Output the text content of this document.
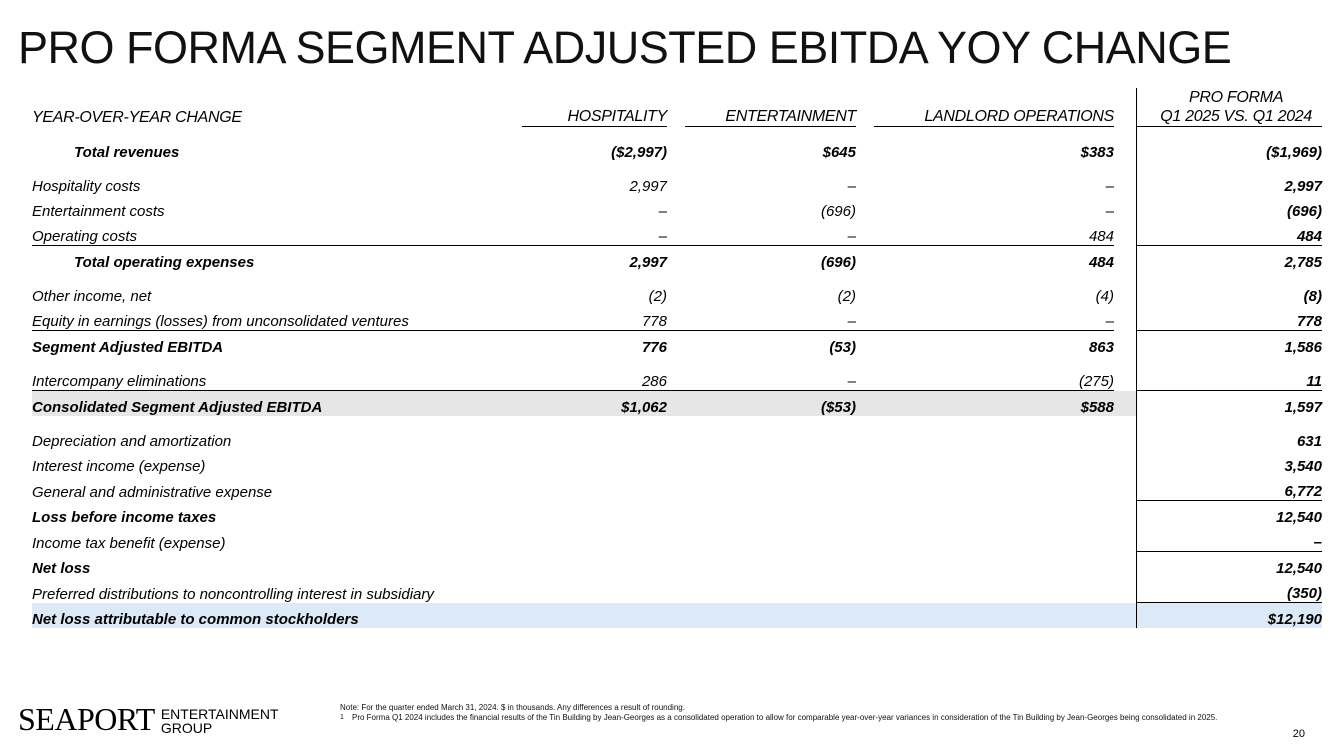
PRO FORMA SEGMENT ADJUSTED EBITDA YOY CHANGE
YEAR-OVER-YEAR CHANGE	HOSPITALITY		ENTERTAINMENT		LANDLORD OPERATIONS		PRO FORMA
Q1 2025 VS. Q1 2024
Total revenues	($2,997)		$645		$383		($1,969)
Hospitality costs	2,997		–		–		2,997
Entertainment costs	–		(696)		–		(696)
Operating costs	–		–		484		484
Total operating expenses	2,997		(696)		484		2,785
Other income, net	(2)		(2)		(4)		(8)
Equity in earnings (losses) from unconsolidated ventures	778		–		–		778
Segment Adjusted EBITDA	776		(53)		863		1,586
Intercompany eliminations	286		–		(275)		11
Consolidated Segment Adjusted EBITDA	$1,062		($53)		$588		1,597
Depreciation and amortization							631
Interest income (expense)							3,540
General and administrative expense							6,772
Loss before income taxes							12,540
Income tax benefit (expense)							–
Net loss							12,540
Preferred distributions to noncontrolling interest in subsidiary							(350)
Net loss attributable to common stockholders							$12,190
SEAPORT ENTERTAINMENT
GROUP
Note: For the quarter ended March 31, 2024. $ in thousands. Any differences a result of rounding.
1	Pro Forma Q1 2024 includes the financial results of the Tin Building by Jean-Georges as a consolidated operation to allow for comparable year-over-year variances in consideration of the Tin Building by Jean-Georges being consolidated in 2025.
20
